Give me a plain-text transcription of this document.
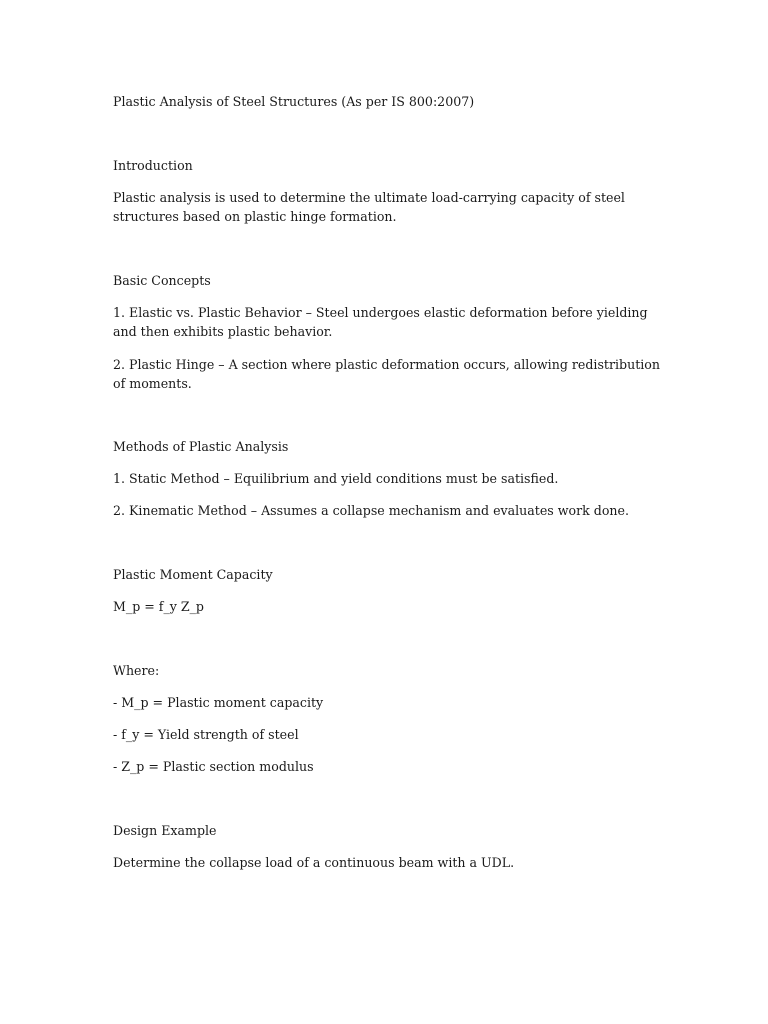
Plastic Analysis of Steel Structures (As per IS 800:2007)

Introduction

Plastic analysis is used to determine the ultimate load-carrying capacity of steel structures based on plastic hinge formation.

Basic Concepts

1. Elastic vs. Plastic Behavior – Steel undergoes elastic deformation before yielding and then exhibits plastic behavior.

2. Plastic Hinge – A section where plastic deformation occurs, allowing redistribution of moments.

Methods of Plastic Analysis

1. Static Method – Equilibrium and yield conditions must be satisfied.

2. Kinematic Method – Assumes a collapse mechanism and evaluates work done.

Plastic Moment Capacity

M_p = f_y Z_p

Where:

- M_p = Plastic moment capacity

- f_y = Yield strength of steel

- Z_p = Plastic section modulus

Design Example

Determine the collapse load of a continuous beam with a UDL.
